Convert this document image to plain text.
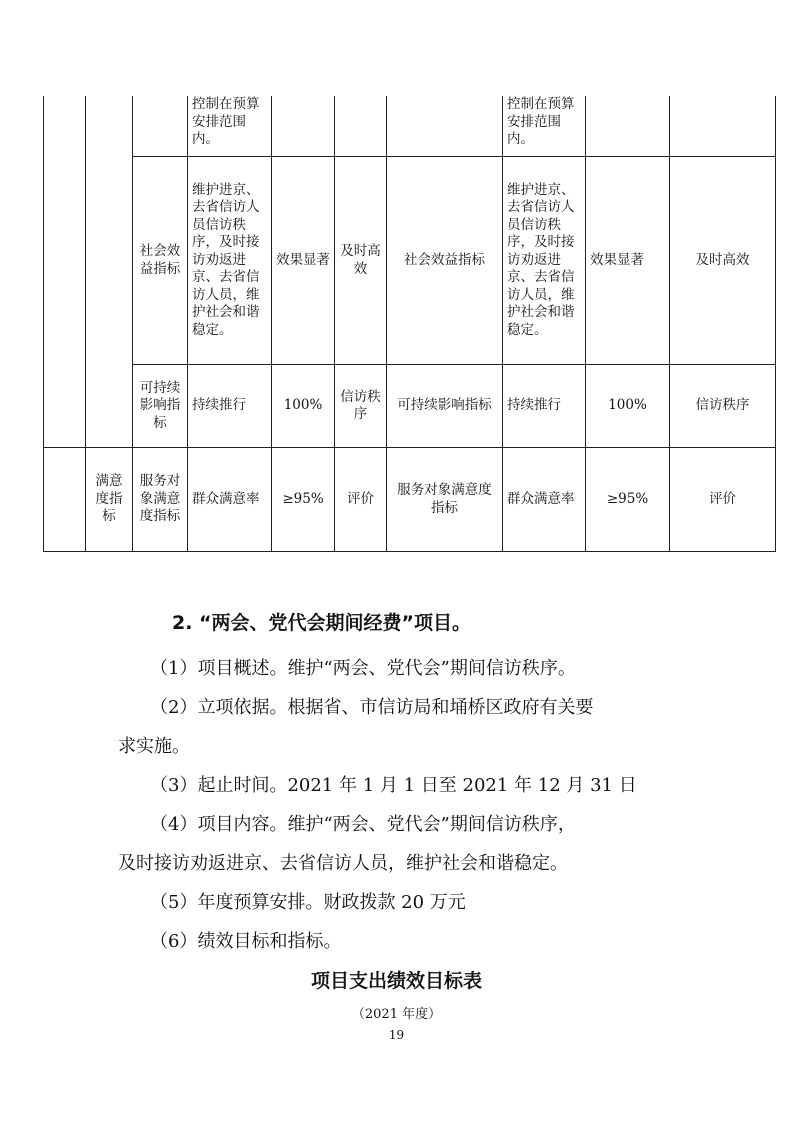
			控制在预算安排范围内。				控制在预算安排范围内。		
		社会效益指标	维护进京、去省信访人员信访秩序，及时接访劝返进京、去省信访人员，维护社会和谐稳定。	效果显著	及时高效	社会效益指标	维护进京、去省信访人员信访秩序，及时接访劝返进京、去省信访人员，维护社会和谐稳定。	效果显著	及时高效
		可持续影响指标	持续推行	100%	信访秩序	可持续影响指标	持续推行	100%	信访秩序
	满意度指标	服务对象满意度指标	群众满意率	≥95%	评价	服务对象满意度指标	群众满意率	≥95%	评价
2. “两会、党代会期间经费”项目。
（1）项目概述。维护“两会、党代会”期间信访秩序。
（2）立项依据。根据省、市信访局和埇桥区政府有关要
求实施。
（3）起止时间。2021 年 1 月 1 日至 2021 年 12 月 31 日
（4）项目内容。维护“两会、党代会”期间信访秩序，
及时接访劝返进京、去省信访人员，维护社会和谐稳定。
（5）年度预算安排。财政拨款 20 万元
（6）绩效目标和指标。
项目支出绩效目标表
（2021 年度）
19
